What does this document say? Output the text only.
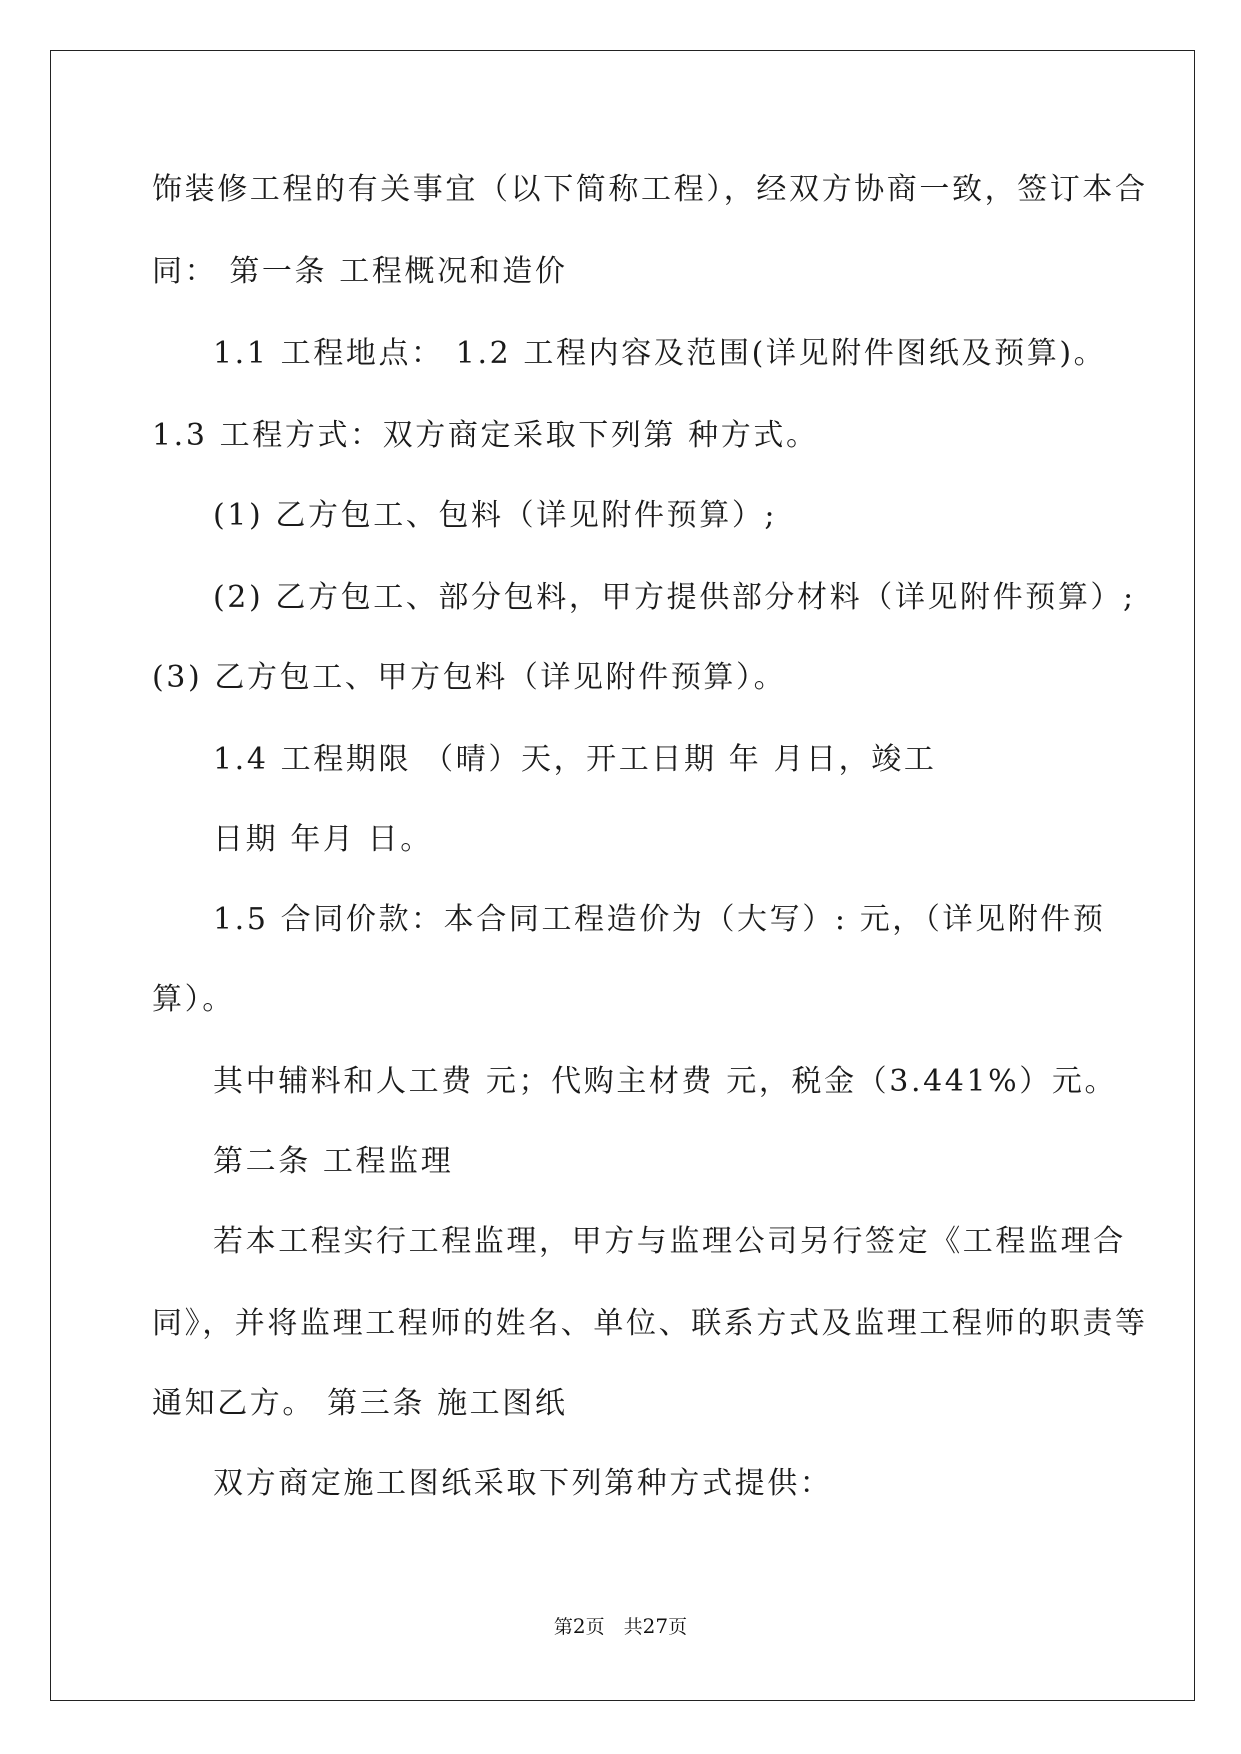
饰装修工程的有关事宜（以下简称工程），经双方协商一致，签订本合
同： 第一条 工程概况和造价
1.1 工程地点： 1.2 工程内容及范围(详见附件图纸及预算)。
1.3 工程方式：双方商定采取下列第 种方式。
(1) 乙方包工、包料（详见附件预算）;
(2) 乙方包工、部分包料，甲方提供部分材料（详见附件预算）;
(3) 乙方包工、甲方包料（详见附件预算）。
1.4 工程期限 （晴）天，开工日期 年 月日，竣工
日期 年月 日。
1.5 合同价款：本合同工程造价为（大写）: 元，（详见附件预
算）。
其中辅料和人工费 元；代购主材费 元，税金（3.441%）元。
第二条 工程监理
若本工程实行工程监理，甲方与监理公司另行签定《工程监理合
同》，并将监理工程师的姓名、单位、联系方式及监理工程师的职责等
通知乙方。 第三条 施工图纸
双方商定施工图纸采取下列第种方式提供：
第2页　共27页
